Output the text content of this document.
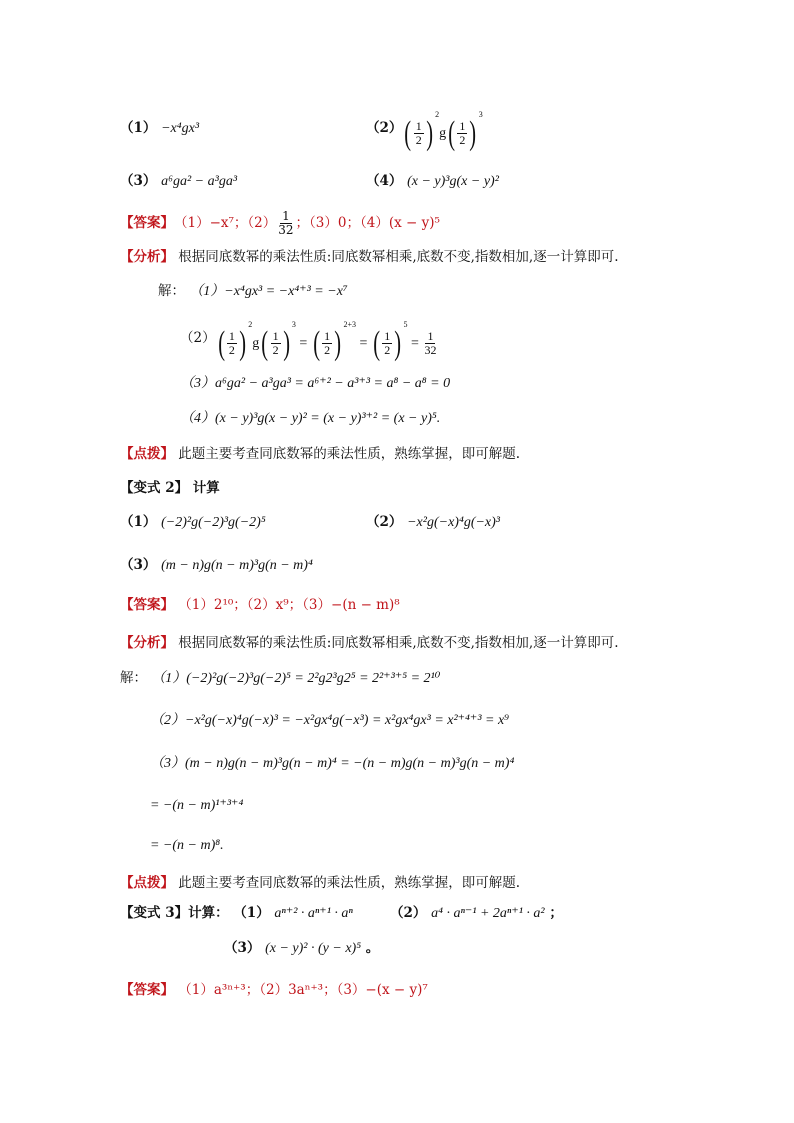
（1） −x⁴gx³	（2） ( $\frac{1}{2} )^2g( \frac{1}{2} )^3$
（3） a⁶ga² − a³ga³	（4） (x − y)³g(x − y)²
【答案】 （1）−x⁷；$(2) \frac{1}{32}$ ；（3）0；（4）(x − y)⁵
【分析】 根据同底数幂的乘法性质:同底数幂相乘,底数不变,指数相加,逐一计算即可.
解： （1）−x⁴gx³ = −x⁴⁺³ = −x⁷
（2） ( $\frac{1}{2} )^2g( \frac{1}{2} )^3$ = ( $\frac{1}{2} )^{2+3}$ = ( $\frac{1}{2} )^5 = \frac{1}{32}$
（3）a⁶ga² − a³ga³ = a⁶⁺² − a³⁺³ = a⁸ − a⁸ = 0
（4）(x − y)³g(x − y)² = (x − y)³⁺² = (x − y)⁵.
【点拨】 此题主要考查同底数幂的乘法性质，熟练掌握，即可解题.
【变式 2】 计算
（1） (−2)²g(−2)³g(−2)⁵	（2） −x²g(−x)⁴g(−x)³
（3） (m − n)g(n − m)³g(n − m)⁴
【答案】 （1）2¹⁰；（2）x⁹；（3）−(n − m)⁸
【分析】 根据同底数幂的乘法性质:同底数幂相乘,底数不变,指数相加,逐一计算即可.
解： （1）(−2)²g(−2)³g(−2)⁵ = 2²g2³g2⁵ = 2²⁺³⁺⁵ = 2¹⁰
（2）−x²g(−x)⁴g(−x)³ = −x²gx⁴g(−x³) = x²gx⁴gx³ = x²⁺⁴⁺³ = x⁹
（3）(m − n)g(n − m)³g(n − m)⁴ = −(n − m)g(n − m)³g(n − m)⁴
= −(n − m)¹⁺³⁺⁴
= −(n − m)⁸.
【点拨】 此题主要考查同底数幂的乘法性质，熟练掌握，即可解题.
【变式 3】计算： （1） aⁿ⁺² · aⁿ⁺¹ · aⁿ	（2） a⁴ · aⁿ⁻¹ + 2aⁿ⁺¹ · a² ；
（3） (x − y)² · (y − x)⁵ 。
【答案】 （1）a³ⁿ⁺³；（2）3aⁿ⁺³；（3）−(x − y)⁷
